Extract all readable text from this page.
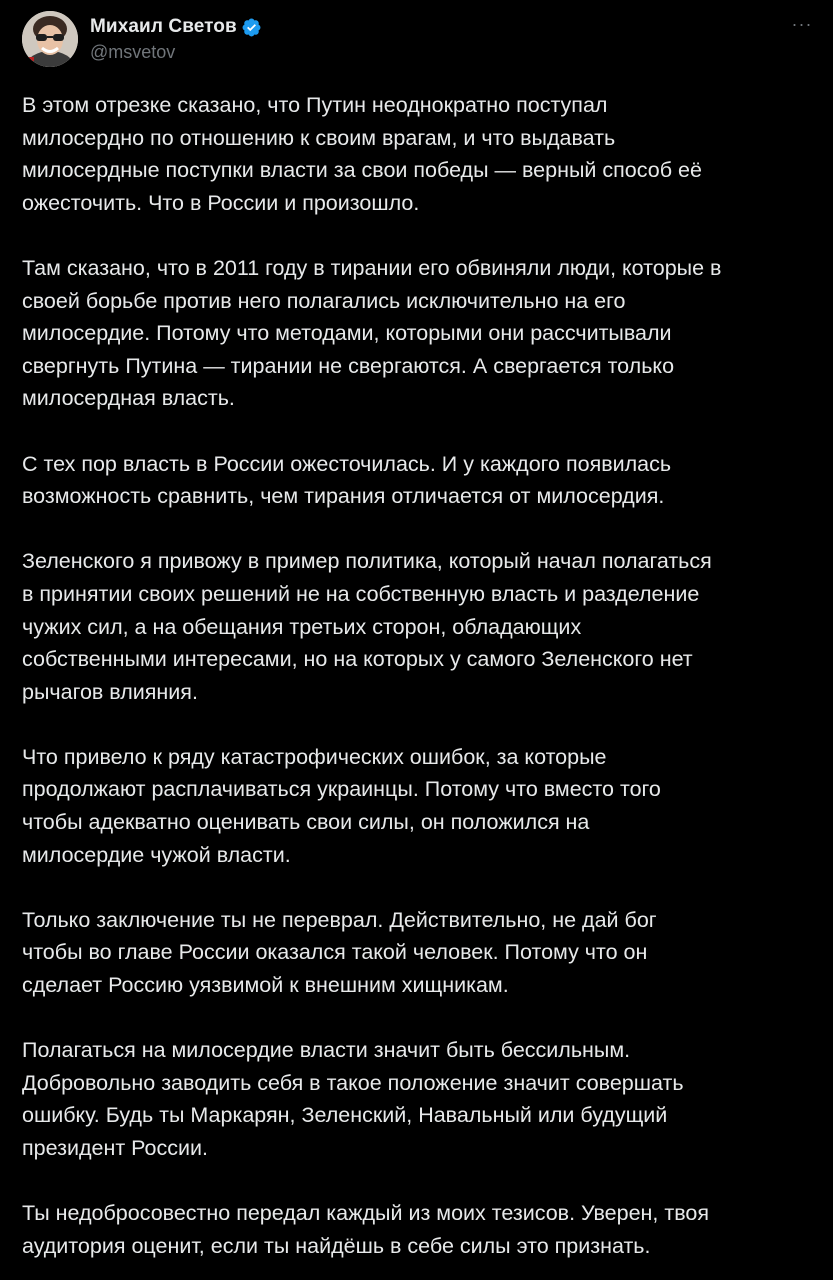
Михаил Светов
@msvetov
···

В этом отрезке сказано, что Путин неоднократно поступал
милосердно по отношению к своим врагам, и что выдавать
милосердные поступки власти за свои победы — верный способ её
ожесточить. Что в России и произошло.

Там сказано, что в 2011 году в тирании его обвиняли люди, которые в
своей борьбе против него полагались исключительно на его
милосердие. Потому что методами, которыми они рассчитывали
свергнуть Путина — тирании не свергаются. А свергается только
милосердная власть.

С тех пор власть в России ожесточилась. И у каждого появилась
возможность сравнить, чем тирания отличается от милосердия.

Зеленского я привожу в пример политика, который начал полагаться
в принятии своих решений не на собственную власть и разделение
чужих сил, а на обещания третьих сторон, обладающих
собственными интересами, но на которых у самого Зеленского нет
рычагов влияния.

Что привело к ряду катастрофических ошибок, за которые
продолжают расплачиваться украинцы. Потому что вместо того
чтобы адекватно оценивать свои силы, он положился на
милосердие чужой власти.

Только заключение ты не переврал. Действительно, не дай бог
чтобы во главе России оказался такой человек. Потому что он
сделает Россию уязвимой к внешним хищникам.

Полагаться на милосердие власти значит быть бессильным.
Добровольно заводить себя в такое положение значит совершать
ошибку. Будь ты Маркарян, Зеленский, Навальный или будущий
президент России.

Ты недобросовестно передал каждый из моих тезисов. Уверен, твоя
аудитория оценит, если ты найдёшь в себе силы это признать.
